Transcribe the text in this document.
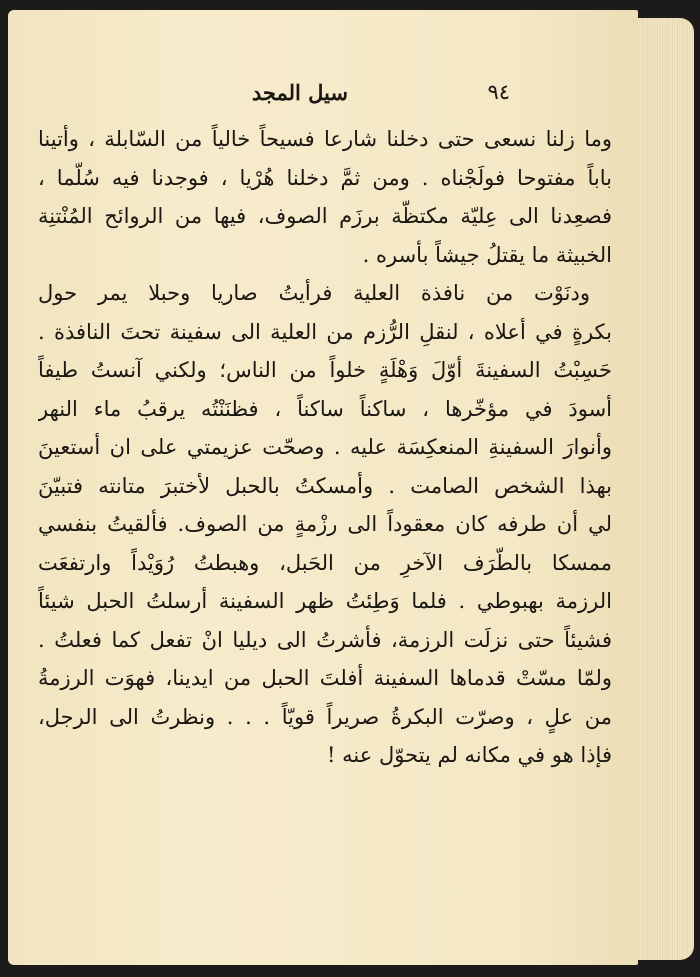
٩٤
سيل المجد
وما زلنا نسعى حتى دخلنا شارعا فسيحاً خالياً من السّابلة ، وأتينا
باباً مفتوحا فولَجْناه . ومن ثمَّ دخلنا هُرْيا ، فوجدنا فيه سُلّما ،
فصعِدنا الى عِليّة مكتظّة برزَم الصوف، فيها من الروائح المُنْتنِة
الخبيثة ما يقتلُ جيشاً بأسره .
ودنَوْت من نافذة العلية فرأيتُ صاريا وحبلا يمر حول
بكرةٍ في أعلاه ، لنقلِ الرُّزم من العلية الى سفينة تحتَ النافذة .
حَسِبْتُ السفينةَ أوّلَ وَهْلَةٍ خلواً من الناس؛ ولكني آنستُ طيفاً
أسودَ في مؤخّرها ، ساكناً ساكناً ، فظنَنْتُه يرقبُ ماء النهر
وأنوارَ السفينةِ المنعكِسَة عليه . وصحّت عزيمتي على ان أستعينَ
بهذا الشخص الصامت . وأمسكتُ بالحبل لأختبرَ متانته فتبيّنَ
لي أن طرفه كان معقوداً الى رزْمةٍ من الصوف. فألقيتُ بنفسي
ممسكا بالطّرَف الآخرِ من الحَبل، وهبطتُ رُوَيْداً وارتفعَت
الرزمة بهبوطي . فلما وَطِئتُ ظهر السفينة أرسلتُ الحبل شيئاً
فشيئاً حتى نزلَت الرزمة، فأشرتُ الى ديليا انْ تفعل كما فعلتُ .
ولمّا مسّتْ قدماها السفينة أفلتَ الحبل من ايدينا، فهوَت الرزمةُ
من علٍ ، وصرّت البكرةُ صريراً قويّاً . . . ونظرتُ الى الرجل،
فإذا هو في مكانه لم يتحوّل عنه !
